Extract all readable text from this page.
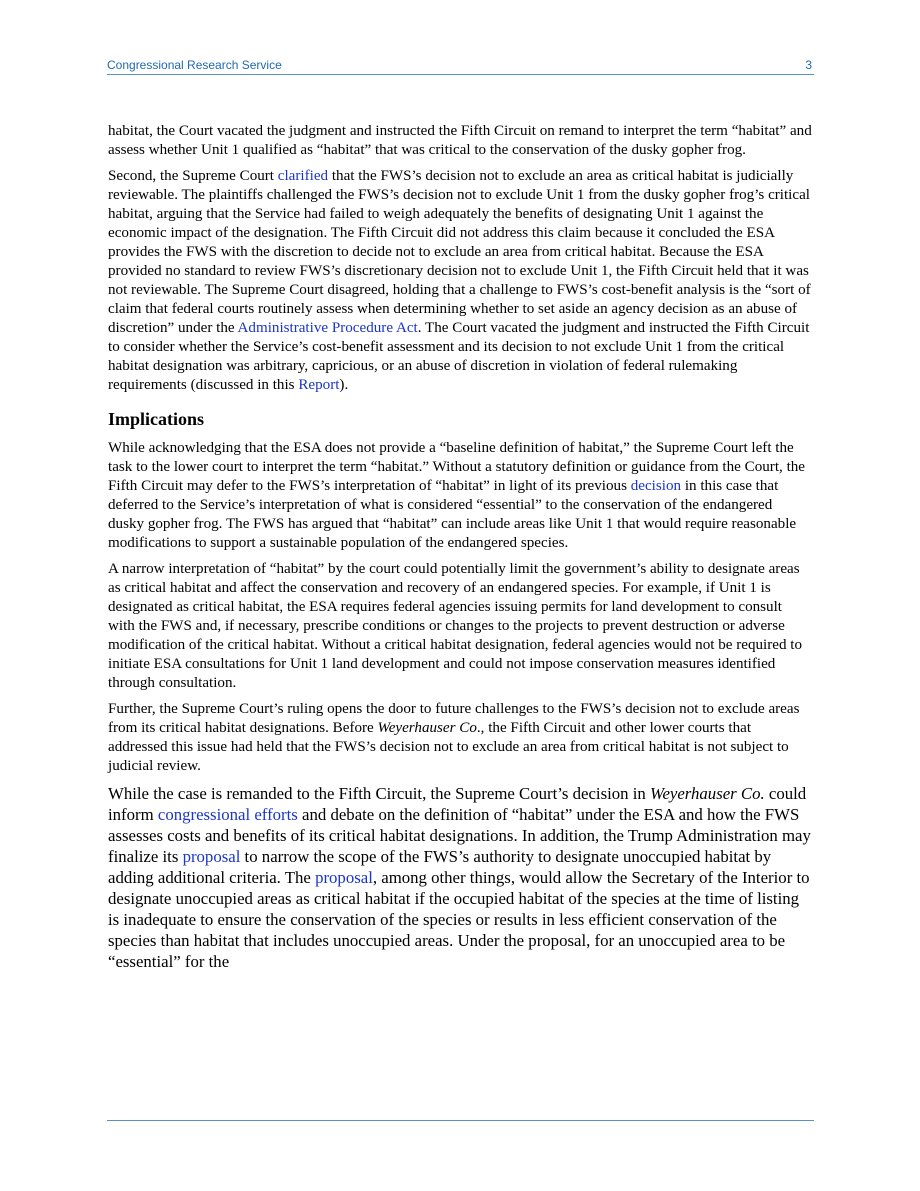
Congressional Research Service	3

habitat, the Court vacated the judgment and instructed the Fifth Circuit on remand to interpret the term “habitat” and assess whether Unit 1 qualified as “habitat” that was critical to the conservation of the dusky gopher frog.

Second, the Supreme Court clarified that the FWS’s decision not to exclude an area as critical habitat is judicially reviewable. The plaintiffs challenged the FWS’s decision not to exclude Unit 1 from the dusky gopher frog’s critical habitat, arguing that the Service had failed to weigh adequately the benefits of designating Unit 1 against the economic impact of the designation. The Fifth Circuit did not address this claim because it concluded the ESA provides the FWS with the discretion to decide not to exclude an area from critical habitat. Because the ESA provided no standard to review FWS’s discretionary decision not to exclude Unit 1, the Fifth Circuit held that it was not reviewable. The Supreme Court disagreed, holding that a challenge to FWS’s cost-benefit analysis is the “sort of claim that federal courts routinely assess when determining whether to set aside an agency decision as an abuse of discretion” under the Administrative Procedure Act. The Court vacated the judgment and instructed the Fifth Circuit to consider whether the Service’s cost-benefit assessment and its decision to not exclude Unit 1 from the critical habitat designation was arbitrary, capricious, or an abuse of discretion in violation of federal rulemaking requirements (discussed in this Report).

Implications

While acknowledging that the ESA does not provide a “baseline definition of habitat,” the Supreme Court left the task to the lower court to interpret the term “habitat.” Without a statutory definition or guidance from the Court, the Fifth Circuit may defer to the FWS’s interpretation of “habitat” in light of its previous decision in this case that deferred to the Service’s interpretation of what is considered “essential” to the conservation of the endangered dusky gopher frog. The FWS has argued that “habitat” can include areas like Unit 1 that would require reasonable modifications to support a sustainable population of the endangered species.

A narrow interpretation of “habitat” by the court could potentially limit the government’s ability to designate areas as critical habitat and affect the conservation and recovery of an endangered species. For example, if Unit 1 is designated as critical habitat, the ESA requires federal agencies issuing permits for land development to consult with the FWS and, if necessary, prescribe conditions or changes to the projects to prevent destruction or adverse modification of the critical habitat. Without a critical habitat designation, federal agencies would not be required to initiate ESA consultations for Unit 1 land development and could not impose conservation measures identified through consultation.

Further, the Supreme Court’s ruling opens the door to future challenges to the FWS’s decision not to exclude areas from its critical habitat designations. Before Weyerhauser Co., the Fifth Circuit and other lower courts that addressed this issue had held that the FWS’s decision not to exclude an area from critical habitat is not subject to judicial review.

While the case is remanded to the Fifth Circuit, the Supreme Court’s decision in Weyerhauser Co. could inform congressional efforts and debate on the definition of “habitat” under the ESA and how the FWS assesses costs and benefits of its critical habitat designations. In addition, the Trump Administration may finalize its proposal to narrow the scope of the FWS’s authority to designate unoccupied habitat by adding additional criteria. The proposal, among other things, would allow the Secretary of the Interior to designate unoccupied areas as critical habitat if the occupied habitat of the species at the time of listing is inadequate to ensure the conservation of the species or results in less efficient conservation of the species than habitat that includes unoccupied areas. Under the proposal, for an unoccupied area to be “essential” for the
